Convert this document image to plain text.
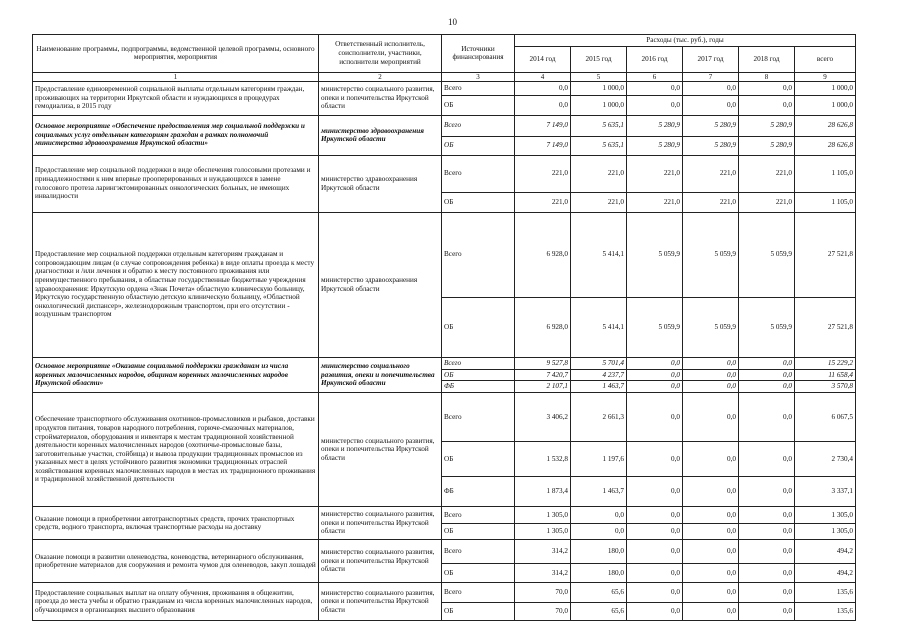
10
Наименование программы, подпрограммы, ведомственной целевой программы, основного мероприятия, мероприятия	Ответственный исполнитель, соисполнители, участники, исполнители мероприятий	Источники финансирования	Расходы (тыс. руб.), годы					
			2014 год	2015 год	2016 год	2017 год	2018 год	всего
1	2	3	4	5	6	7	8	9
Предоставление единовременной социальной выплаты отдельным категориям граждан, проживающих на территории Иркутской области и нуждающихся в процедурах гемодиализа, в 2015 году	министерство социального развития, опеки и попечительства Иркутской области	Всего	0,0	1 000,0	0,0	0,0	0,0	1 000,0
		ОБ	0,0	1 000,0	0,0	0,0	0,0	1 000,0
Основное мероприятие «Обеспечение предоставления мер социальной поддержки и социальных услуг отдельным категориям граждан в рамках полномочий министерства здравоохранения Иркутской области»	министерство здравоохранения Иркутской области	Всего	7 149,0	5 635,1	5 280,9	5 280,9	5 280,9	28 626,8
		ОБ	7 149,0	5 635,1	5 280,9	5 280,9	5 280,9	28 626,8
Предоставление мер социальной поддержки в виде обеспечения голосовыми протезами и принадлежностями к ним впервые прооперированных и нуждающихся в замене голосового протеза ларингэктомированных онкологических больных, не имеющих инвалидности	министерство здравоохранения Иркутской области	Всего	221,0	221,0	221,0	221,0	221,0	1 105,0
		ОБ	221,0	221,0	221,0	221,0	221,0	1 105,0
Предоставление мер социальной поддержки отдельным категориям гражданам и сопровождающим лицам (в случае сопровождения ребенка) в виде оплаты проезда к месту диагностики и /или лечения и обратно к месту постоянного проживания или преимущественного пребывания, в областные государственные бюджетные учреждения здравоохранения: Иркутскую ордена «Знак Почета» областную клиническую больницу, Иркутскую государственную областную детскую клиническую больницу, «Областной онкологический диспансер», железнодорожным транспортом, при его отсутствии - воздушным транспортом	министерство здравоохранения Иркутской области	Всего	6 928,0	5 414,1	5 059,9	5 059,9	5 059,9	27 521,8
		ОБ	6 928,0	5 414,1	5 059,9	5 059,9	5 059,9	27 521,8
Основное мероприятие «Оказание социальной поддержки гражданам из числа коренных малочисленных народов, общинам коренных малочисленных народов Иркутской области»	министерство социального развития, опеки и попечительства Иркутской области	Всего	9 527,8	5 701,4	0,0	0,0	0,0	15 229,2
		ОБ	7 420,7	4 237,7	0,0	0,0	0,0	11 658,4
		ФБ	2 107,1	1 463,7	0,0	0,0	0,0	3 570,8
Обеспечение транспортного обслуживания охотников-промысловиков и рыбаков, доставки продуктов питания, товаров народного потребления, горюче-смазочных материалов, стройматериалов, оборудования и инвентаря к местам традиционной хозяйственной деятельности коренных малочисленных народов (охотничье-промысловые базы, заготовительные участки, стойбища) и вывоза продукции традиционных промыслов из указанных мест в целях устойчивого развития экономики традиционных отраслей хозяйствования коренных малочисленных народов в местах их традиционного проживания и традиционной хозяйственной деятельности	министерство социального развития, опеки и попечительства Иркутской области	Всего	3 406,2	2 661,3	0,0	0,0	0,0	6 067,5
		ОБ	1 532,8	1 197,6	0,0	0,0	0,0	2 730,4
		ФБ	1 873,4	1 463,7	0,0	0,0	0,0	3 337,1
Оказание помощи в приобретении автотранспортных средств, прочих транспортных средств, водного транспорта, включая транспортные расходы на доставку	министерство социального развития, опеки и попечительства Иркутской области	Всего	1 305,0	0,0	0,0	0,0	0,0	1 305,0
		ОБ	1 305,0	0,0	0,0	0,0	0,0	1 305,0
Оказание помощи в развитии оленеводства, коневодства, ветеринарного обслуживания, приобретение материалов для сооружения и ремонта чумов для оленеводов, закуп лошадей	министерство социального развития, опеки и попечительства Иркутской области	Всего	314,2	180,0	0,0	0,0	0,0	494,2
		ОБ	314,2	180,0	0,0	0,0	0,0	494,2
Предоставление социальных выплат на оплату обучения, проживания в общежитии, проезда до места учебы и обратно гражданам из числа коренных малочисленных народов, обучающимся в организациях высшего образования	министерство социального развития, опеки и попечительства Иркутской области	Всего	70,0	65,6	0,0	0,0	0,0	135,6
		ОБ	70,0	65,6	0,0	0,0	0,0	135,6
